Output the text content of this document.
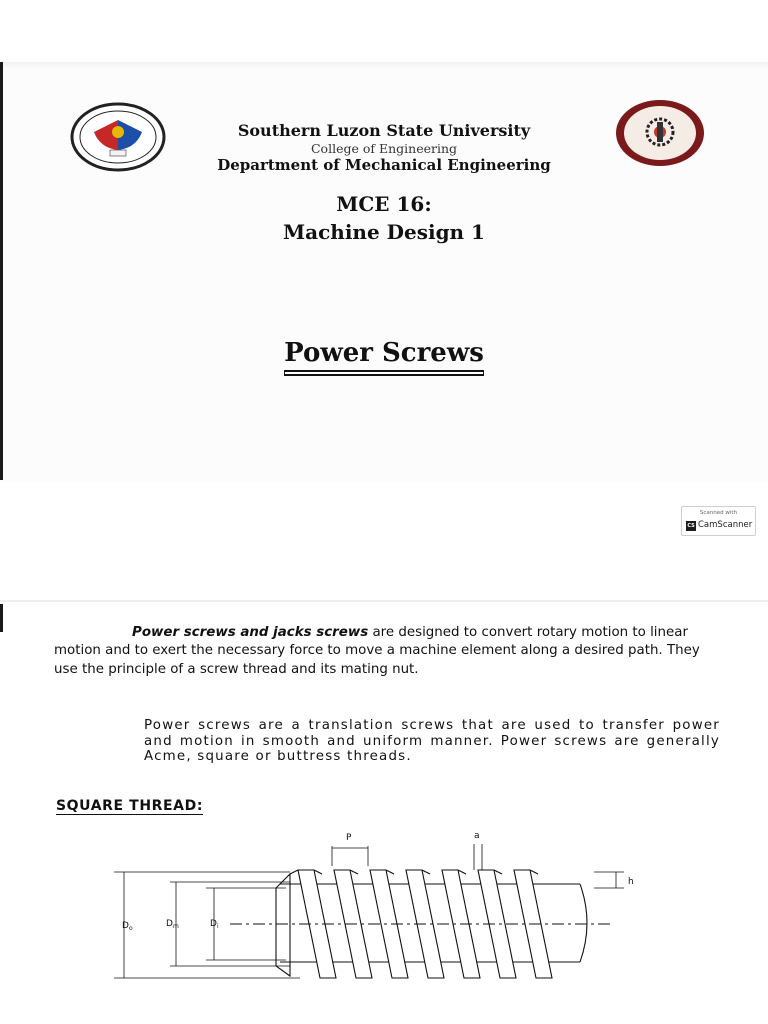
Southern Luzon State University
College of Engineering
Department of Mechanical Engineering
MCE 16:
Machine Design 1
Power Screws
Scanned with
CS CamScanner
Power screws and jacks screws are designed to convert rotary motion to linear motion and to exert the necessary force to move a machine element along a desired path. They use the principle of a screw thread and its mating nut.
Power screws are a translation screws that are used to transfer power and motion in smooth and uniform manner. Power screws are generally Acme, square or buttress threads.
SQUARE THREAD:
P	a
h
$D_o$	$D_m$	$D_i$
